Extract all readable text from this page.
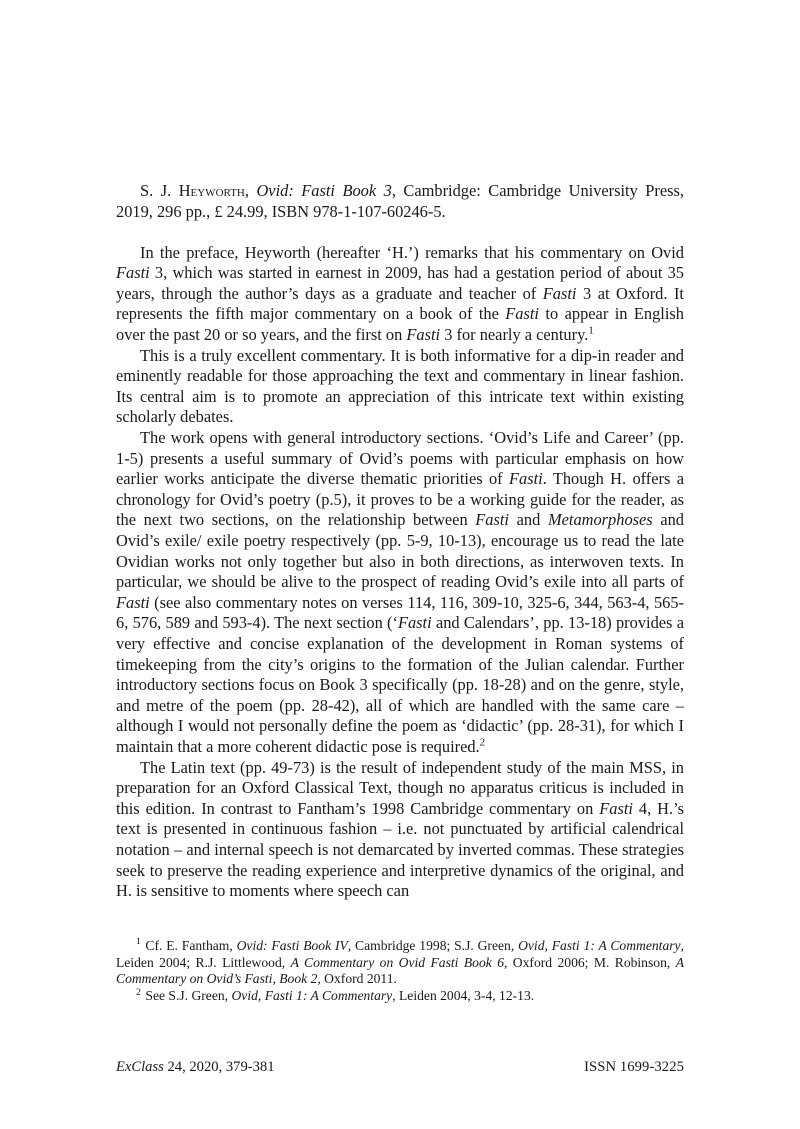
S. J. Heyworth, Ovid: Fasti Book 3, Cambridge: Cambridge University Press, 2019, 296 pp., £ 24.99, ISBN 978-1-107-60246-5.

In the preface, Heyworth (hereafter ‘H.’) remarks that his commentary on Ovid Fasti 3, which was started in earnest in 2009, has had a gestation period of about 35 years, through the author’s days as a graduate and teacher of Fasti 3 at Oxford. It represents the fifth major commentary on a book of the Fasti to appear in English over the past 20 or so years, and the first on Fasti 3 for nearly a century.$^1$

This is a truly excellent commentary. It is both informative for a dip-in reader and eminently readable for those approaching the text and commentary in linear fashion. Its central aim is to promote an appreciation of this intricate text within existing scholarly debates.

The work opens with general introductory sections. ‘Ovid’s Life and Career’ (pp. 1-5) presents a useful summary of Ovid’s poems with particular emphasis on how earlier works anticipate the diverse thematic priorities of Fasti. Though H. offers a chronology for Ovid’s poetry (p.5), it proves to be a working guide for the reader, as the next two sections, on the relationship between Fasti and Metamorphoses and Ovid’s exile/ exile poetry respectively (pp. 5-9, 10-13), encourage us to read the late Ovidian works not only together but also in both directions, as interwoven texts. In particular, we should be alive to the prospect of reading Ovid’s exile into all parts of Fasti (see also commentary notes on verses 114, 116, 309-10, 325-6, 344, 563-4, 565-6, 576, 589 and 593-4). The next section (‘Fasti and Calendars’, pp. 13-18) provides a very effective and concise explanation of the development in Roman systems of timekeeping from the city’s origins to the formation of the Julian calendar. Further introductory sections focus on Book 3 specifically (pp. 18-28) and on the genre, style, and metre of the poem (pp. 28-42), all of which are handled with the same care – although I would not personally define the poem as ‘didactic’ (pp. 28-31), for which I maintain that a more coherent didactic pose is required.$^2$

The Latin text (pp. 49-73) is the result of independent study of the main MSS, in preparation for an Oxford Classical Text, though no apparatus criticus is included in this edition. In contrast to Fantham’s 1998 Cambridge commentary on Fasti 4, H.’s text is presented in continuous fashion – i.e. not punctuated by artificial calendrical notation – and internal speech is not demarcated by inverted commas. These strategies seek to preserve the reading experience and interpretive dynamics of the original, and H. is sensitive to moments where speech can

$^1$ Cf. E. Fantham, Ovid: Fasti Book IV, Cambridge 1998; S.J. Green, Ovid, Fasti 1: A Commentary, Leiden 2004; R.J. Littlewood, A Commentary on Ovid Fasti Book 6, Oxford 2006; M. Robinson, A Commentary on Ovid’s Fasti, Book 2, Oxford 2011.

$^2$ See S.J. Green, Ovid, Fasti 1: A Commentary, Leiden 2004, 3-4, 12-13.

ExClass 24, 2020, 379-381	ISSN 1699-3225
